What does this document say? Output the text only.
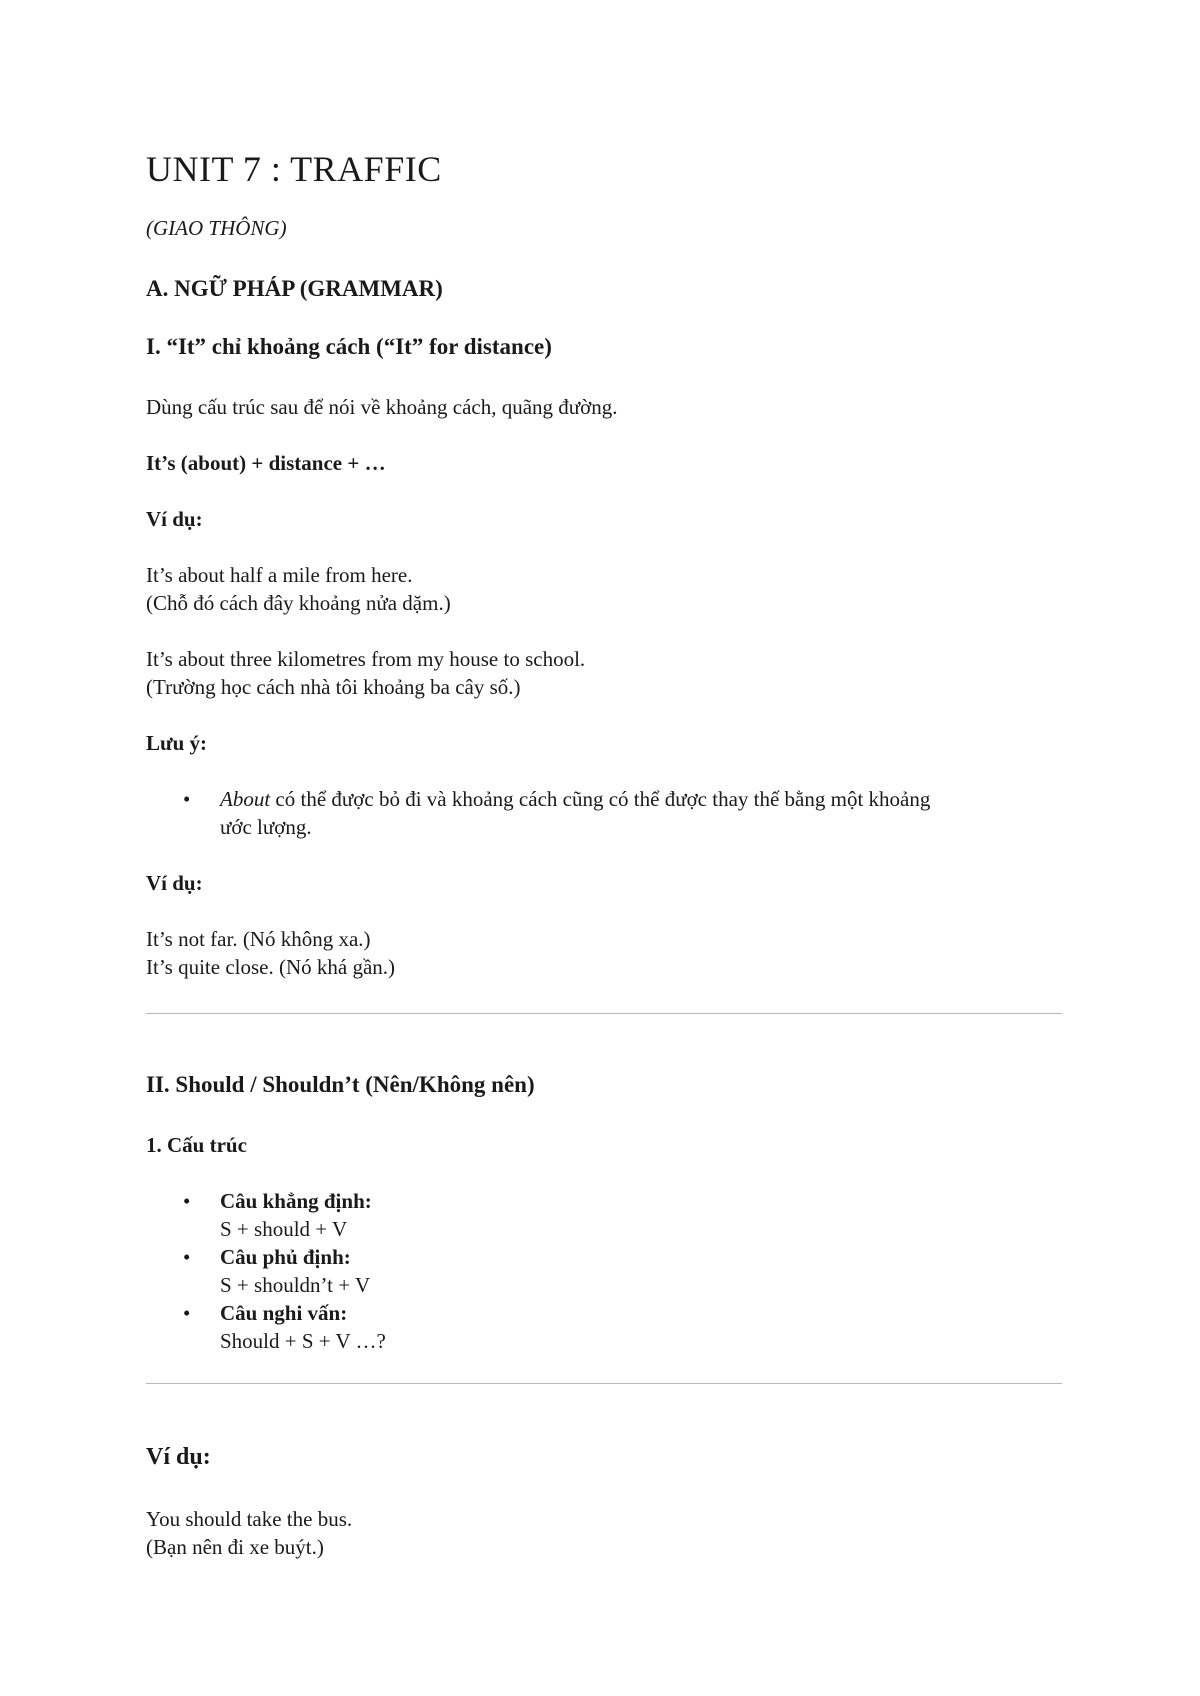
UNIT 7 : TRAFFIC
(GIAO THÔNG)
A. NGỮ PHÁP (GRAMMAR)
I. “It” chỉ khoảng cách (“It” for distance)
Dùng cấu trúc sau để nói về khoảng cách, quãng đường.
It’s (about) + distance + …
Ví dụ:
It’s about half a mile from here.
(Chỗ đó cách đây khoảng nửa dặm.)
It’s about three kilometres from my house to school.
(Trường học cách nhà tôi khoảng ba cây số.)
Lưu ý:
• About có thể được bỏ đi và khoảng cách cũng có thể được thay thế bằng một khoảng
ước lượng.
Ví dụ:
It’s not far. (Nó không xa.)
It’s quite close. (Nó khá gần.)
II. Should / Shouldn’t (Nên/Không nên)
1. Cấu trúc
• Câu khẳng định:
S + should + V
• Câu phủ định:
S + shouldn’t + V
• Câu nghi vấn:
Should + S + V …?
Ví dụ:
You should take the bus.
(Bạn nên đi xe buýt.)
